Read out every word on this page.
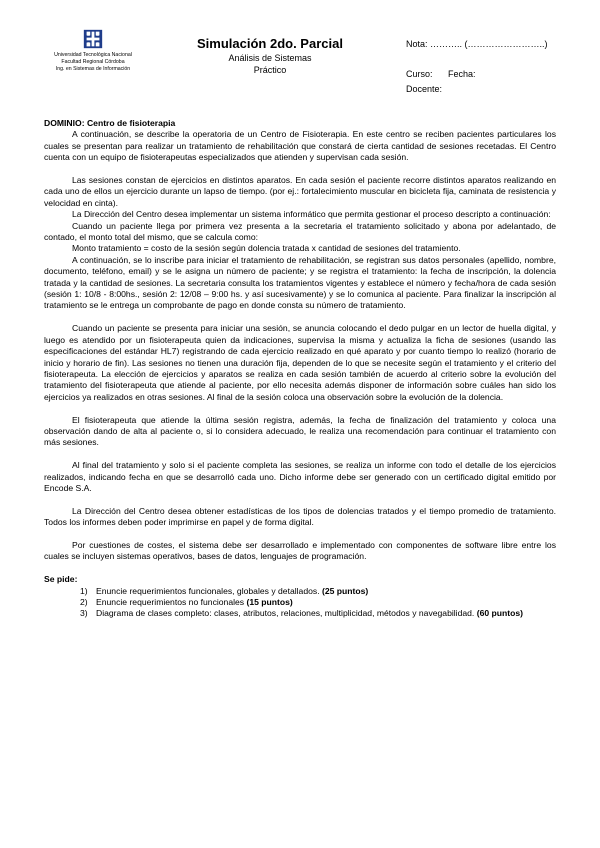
Universidad Tecnológica Nacional
Facultad Regional Córdoba
Ing. en Sistemas de Información
Simulación 2do. Parcial
Análisis de Sistemas
Práctico
Nota: ……….. (……………………..)
Curso: Fecha:
Docente:

DOMINIO: Centro de fisioterapia

A continuación, se describe la operatoria de un Centro de Fisioterapia. En este centro se reciben pacientes particulares los cuales se presentan para realizar un tratamiento de rehabilitación que constará de cierta cantidad de sesiones recetadas. El Centro cuenta con un equipo de fisioterapeutas especializados que atienden y supervisan cada sesión.

Las sesiones constan de ejercicios en distintos aparatos. En cada sesión el paciente recorre distintos aparatos realizando en cada uno de ellos un ejercicio durante un lapso de tiempo. (por ej.: fortalecimiento muscular en bicicleta fija, caminata de resistencia y velocidad en cinta).

La Dirección del Centro desea implementar un sistema informático que permita gestionar el proceso descripto a continuación:

Cuando un paciente llega por primera vez presenta a la secretaria el tratamiento solicitado y abona por adelantado, de contado, el monto total del mismo, que se calcula como:

Monto tratamiento = costo de la sesión según dolencia tratada x cantidad de sesiones del tratamiento.

A continuación, se lo inscribe para iniciar el tratamiento de rehabilitación, se registran sus datos personales (apellido, nombre, documento, teléfono, email) y se le asigna un número de paciente; y se registra el tratamiento: la fecha de inscripción, la dolencia tratada y la cantidad de sesiones. La secretaria consulta los tratamientos vigentes y establece el número y fecha/hora de cada sesión (sesión 1: 10/8 - 8:00hs., sesión 2: 12/08 – 9:00 hs. y así sucesivamente) y se lo comunica al paciente. Para finalizar la inscripción al tratamiento se le entrega un comprobante de pago en donde consta su número de tratamiento.

Cuando un paciente se presenta para iniciar una sesión, se anuncia colocando el dedo pulgar en un lector de huella digital, y luego es atendido por un fisioterapeuta quien da indicaciones, supervisa la misma y actualiza la ficha de sesiones (usando las especificaciones del estándar HL7) registrando de cada ejercicio realizado en qué aparato y por cuanto tiempo lo realizó (horario de inicio y horario de fin). Las sesiones no tienen una duración fija, dependen de lo que se necesite según el tratamiento y el criterio del fisioterapeuta. La elección de ejercicios y aparatos se realiza en cada sesión también de acuerdo al criterio sobre la evolución del tratamiento del fisioterapeuta que atiende al paciente, por ello necesita además disponer de información sobre cuáles han sido los ejercicios ya realizados en otras sesiones. Al final de la sesión coloca una observación sobre la evolución de la dolencia.

El fisioterapeuta que atiende la última sesión registra, además, la fecha de finalización del tratamiento y coloca una observación dando de alta al paciente o, si lo considera adecuado, le realiza una recomendación para continuar el tratamiento con más sesiones.

Al final del tratamiento y solo si el paciente completa las sesiones, se realiza un informe con todo el detalle de los ejercicios realizados, indicando fecha en que se desarrolló cada uno. Dicho informe debe ser generado con un certificado digital emitido por Encode S.A.

La Dirección del Centro desea obtener estadísticas de los tipos de dolencias tratados y el tiempo promedio de tratamiento. Todos los informes deben poder imprimirse en papel y de forma digital.

Por cuestiones de costes, el sistema debe ser desarrollado e implementado con componentes de software libre entre los cuales se incluyen sistemas operativos, bases de datos, lenguajes de programación.

Se pide:

1) Enuncie requerimientos funcionales, globales y detallados. (25 puntos)
2) Enuncie requerimientos no funcionales (15 puntos)
3) Diagrama de clases completo: clases, atributos, relaciones, multiplicidad, métodos y navegabilidad. (60 puntos)
